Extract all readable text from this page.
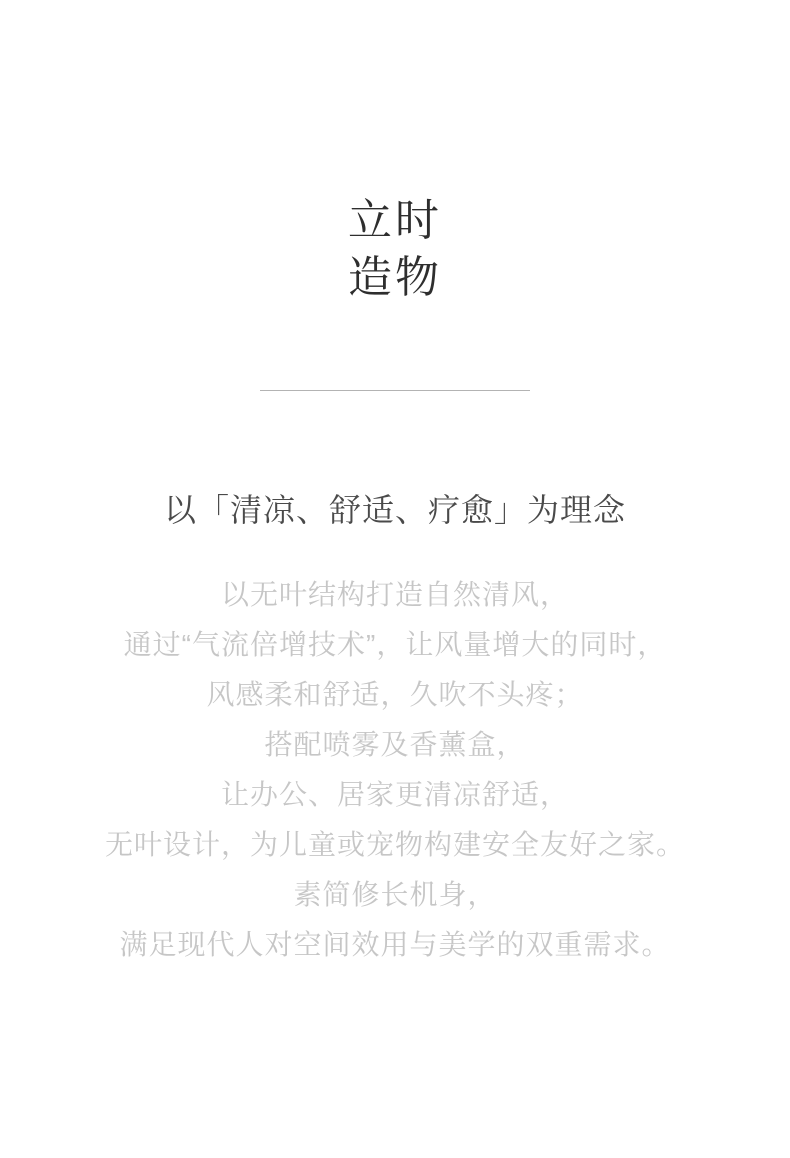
立时
造物
以「清凉、舒适、疗愈」为理念

以无叶结构打造自然清风，

通过“气流倍增技术”，让风量增大的同时，

风感柔和舒适，久吹不头疼；

搭配喷雾及香薰盒，

让办公、居家更清凉舒适，

无叶设计，为儿童或宠物构建安全友好之家。

素简修长机身，

满足现代人对空间效用与美学的双重需求。
